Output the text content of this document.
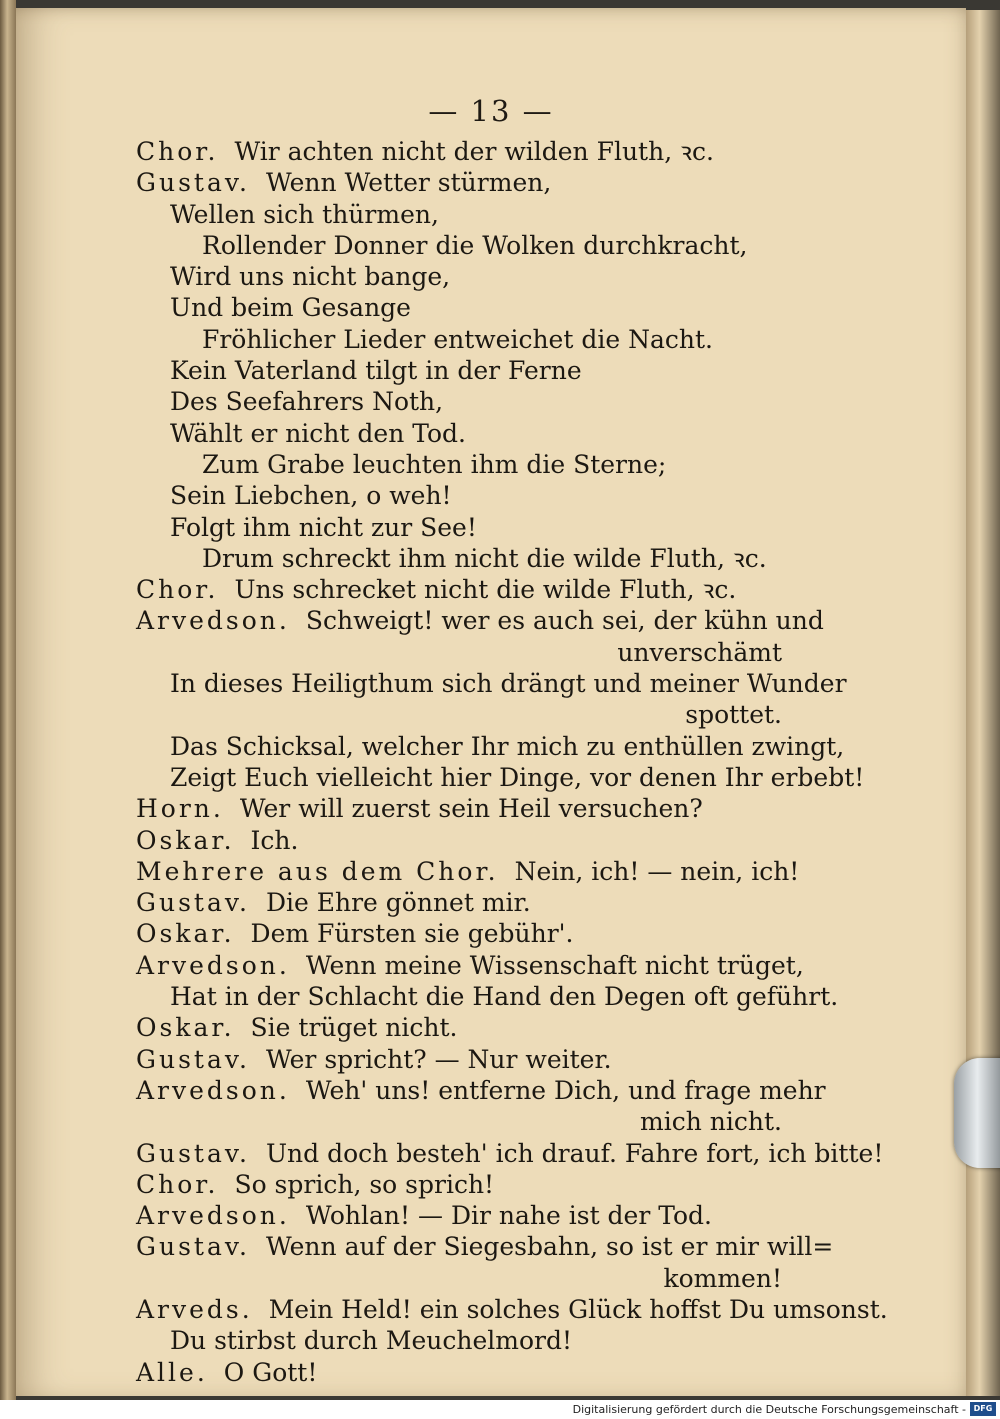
— 13 —
Chor. Wir achten nicht der wilden Fluth, ꝛc.
Gustav. Wenn Wetter stürmen,
Wellen sich thürmen,
Rollender Donner die Wolken durchkracht,
Wird uns nicht bange,
Und beim Gesange
Fröhlicher Lieder entweichet die Nacht.
Kein Vaterland tilgt in der Ferne
Des Seefahrers Noth,
Wählt er nicht den Tod.
Zum Grabe leuchten ihm die Sterne;
Sein Liebchen, o weh!
Folgt ihm nicht zur See!
Drum schreckt ihm nicht die wilde Fluth, ꝛc.
Chor. Uns schrecket nicht die wilde Fluth, ꝛc.
Arvedson. Schweigt! wer es auch sei, der kühn und
unverschämt
In dieses Heiligthum sich drängt und meiner Wunder
spottet.
Das Schicksal, welcher Ihr mich zu enthüllen zwingt,
Zeigt Euch vielleicht hier Dinge, vor denen Ihr erbebt!
Horn. Wer will zuerst sein Heil versuchen?
Oskar. Ich.
Mehrere aus dem Chor. Nein, ich! — nein, ich!
Gustav. Die Ehre gönnet mir.
Oskar. Dem Fürsten sie gebühr'.
Arvedson. Wenn meine Wissenschaft nicht trüget,
Hat in der Schlacht die Hand den Degen oft geführt.
Oskar. Sie trüget nicht.
Gustav. Wer spricht? — Nur weiter.
Arvedson. Weh' uns! entferne Dich, und frage mehr
mich nicht.
Gustav. Und doch besteh' ich drauf. Fahre fort, ich bitte!
Chor. So sprich, so sprich!
Arvedson. Wohlan! — Dir nahe ist der Tod.
Gustav. Wenn auf der Siegesbahn, so ist er mir will=
kommen!
Arveds. Mein Held! ein solches Glück hoffst Du umsonst.
Du stirbst durch Meuchelmord!
Alle. O Gott!
Digitalisierung gefördert durch die Deutsche Forschungsgemeinschaft - DFG
